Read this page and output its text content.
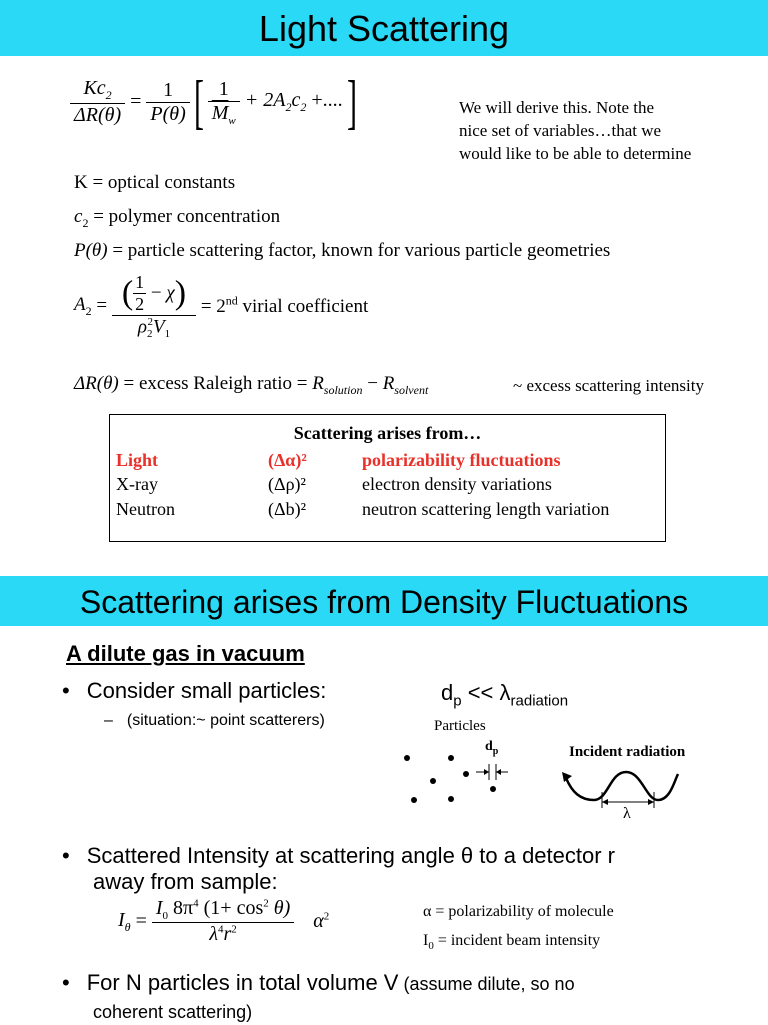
Light Scattering
$\frac{Kc_2}{\Delta R(\theta)} = \frac{1}{P(\theta)}$ [ $\frac{1}{\overline{M}_w} + 2A_2c_2$ +.... ]	We will derive this. Note the
nice set of variables…that we
would like to be able to determine
K = optical constants
$c_2$ = polymer concentration
P(θ) = particle scattering factor, known for various particle geometries
$A_2 = \frac{( \frac{1}{2} - \chi)}{\rho_2^2V_1} = 2nd$ virial coefficient
ΔR(θ) = excess Raleigh ratio = $R_{solution} - R_{solvent}$	~ excess scattering intensity
Scattering arises from…		
Light	(Δα)²	polarizability fluctuations
X-ray	(Δρ)²	electron density variations
Neutron	(Δb)²	neutron scattering length variation
Scattering arises from Density Fluctuations
A dilute gas in vacuum
• Consider small particles:	$d_p << \lambda_{radiation}$
– (situation:~ point scatterers)	Particles
$d_p$	Incident radiation
λ
• Scattered Intensity at scattering angle θ to a detector r
away from sample:
$I_\theta = \frac{I_0 8\pi^4 (1+ \cos^2 \theta)}{\lambda^4r^2} \alpha^2$	α = polarizability of molecule
$I_0$ = incident beam intensity
• For N particles in total volume V (assume dilute, so no
coherent scattering)
